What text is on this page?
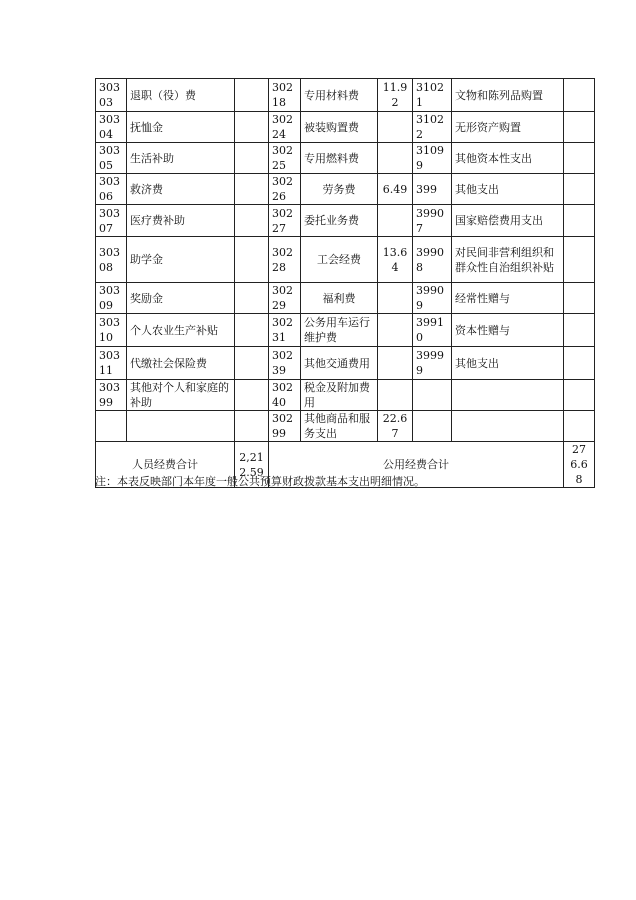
30303	退职（役）费		30218	专用材料费	11.92	31021	文物和陈列品购置	
30304	抚恤金		30224	被装购置费		31022	无形资产购置	
30305	生活补助		30225	专用燃料费		31099	其他资本性支出	
30306	救济费		30226	劳务费	6.49	399	其他支出	
30307	医疗费补助		30227	委托业务费		39907	国家赔偿费用支出	
30308	助学金		30228	工会经费	13.64	39908	对民间非营利组织和群众性自治组织补贴	
30309	奖励金		30229	福利费		39909	经常性赠与	
30310	个人农业生产补贴		30231	公务用车运行维护费		39910	资本性赠与	
30311	代缴社会保险费		30239	其他交通费用		39999	其他支出	
30399	其他对个人和家庭的补助		30240	税金及附加费用				
			30299	其他商品和服务支出	22.67			
人员经费合计		2,212.59	公用经费合计					276.68
注：本表反映部门本年度一般公共预算财政拨款基本支出明细情况。
